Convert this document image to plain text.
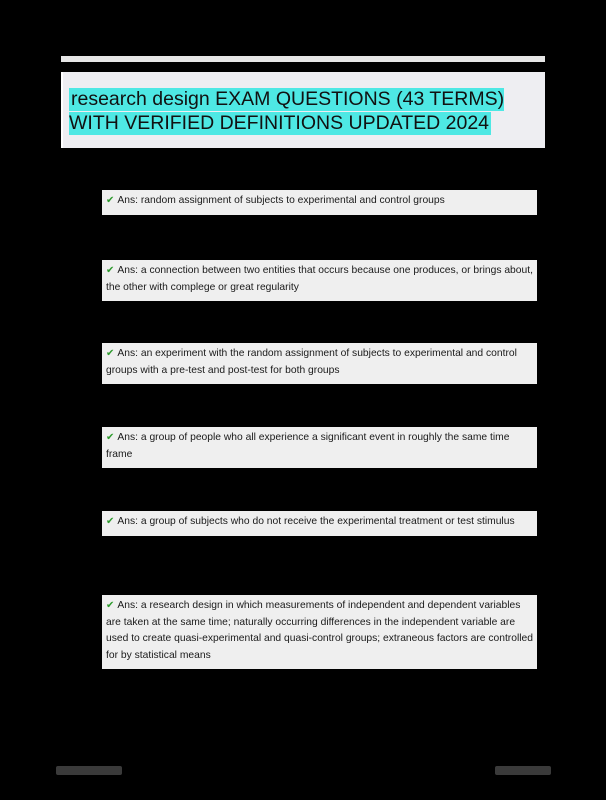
research design EXAM QUESTIONS (43 TERMS) WITH VERIFIED DEFINITIONS UPDATED 2024
✔ Ans: random assignment of subjects to experimental and control groups
✔ Ans: a connection between two entities that occurs because one produces, or brings about, the other with complege or great regularity
✔ Ans: an experiment with the random assignment of subjects to experimental and control groups with a pre-test and post-test for both groups
✔ Ans: a group of people who all experience a significant event in roughly the same time frame
✔ Ans: a group of subjects who do not receive the experimental treatment or test stimulus
✔ Ans: a research design in which measurements of independent and dependent variables are taken at the same time; naturally occurring differences in the independent variable are used to create quasi-experimental and quasi-control groups; extraneous factors are controlled for by statistical means
